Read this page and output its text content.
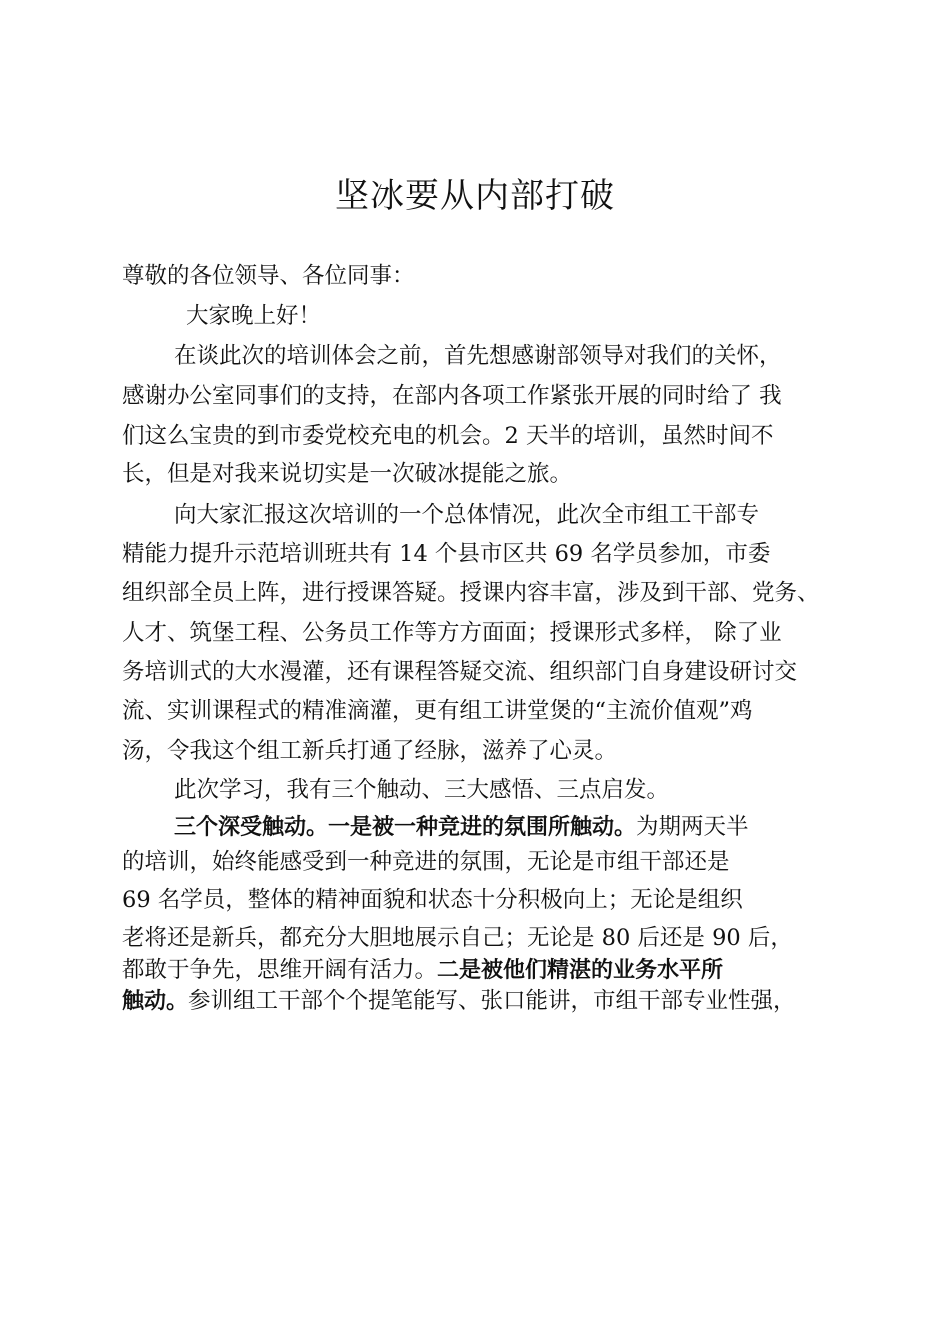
坚冰要从内部打破
尊敬的各位领导、各位同事：
大家晚上好！
在谈此次的培训体会之前，首先想感谢部领导对我们的关怀，
感谢办公室同事们的支持，在部内各项工作紧张开展的同时给了 我
们这么宝贵的到市委党校充电的机会。2 天半的培训，虽然时间不
长，但是对我来说切实是一次破冰提能之旅。
向大家汇报这次培训的一个总体情况，此次全市组工干部专
精能力提升示范培训班共有 14 个县市区共 69 名学员参加，市委
组织部全员上阵，进行授课答疑。授课内容丰富，涉及到干部、党务、
人才、筑堡工程、公务员工作等方方面面；授课形式多样， 除了业
务培训式的大水漫灌，还有课程答疑交流、组织部门自身建设研讨交
流、实训课程式的精准滴灌，更有组工讲堂煲的“主流价值观”鸡
汤，令我这个组工新兵打通了经脉，滋养了心灵。
此次学习，我有三个触动、三大感悟、三点启发。
三个深受触动。一是被一种竞进的氛围所触动。为期两天半
的培训，始终能感受到一种竞进的氛围，无论是市组干部还是
69 名学员，整体的精神面貌和状态十分积极向上；无论是组织
老将还是新兵，都充分大胆地展示自己；无论是 80 后还是 90 后，
都敢于争先，思维开阔有活力。二是被他们精湛的业务水平所
触动。参训组工干部个个提笔能写、张口能讲，市组干部专业性强，
